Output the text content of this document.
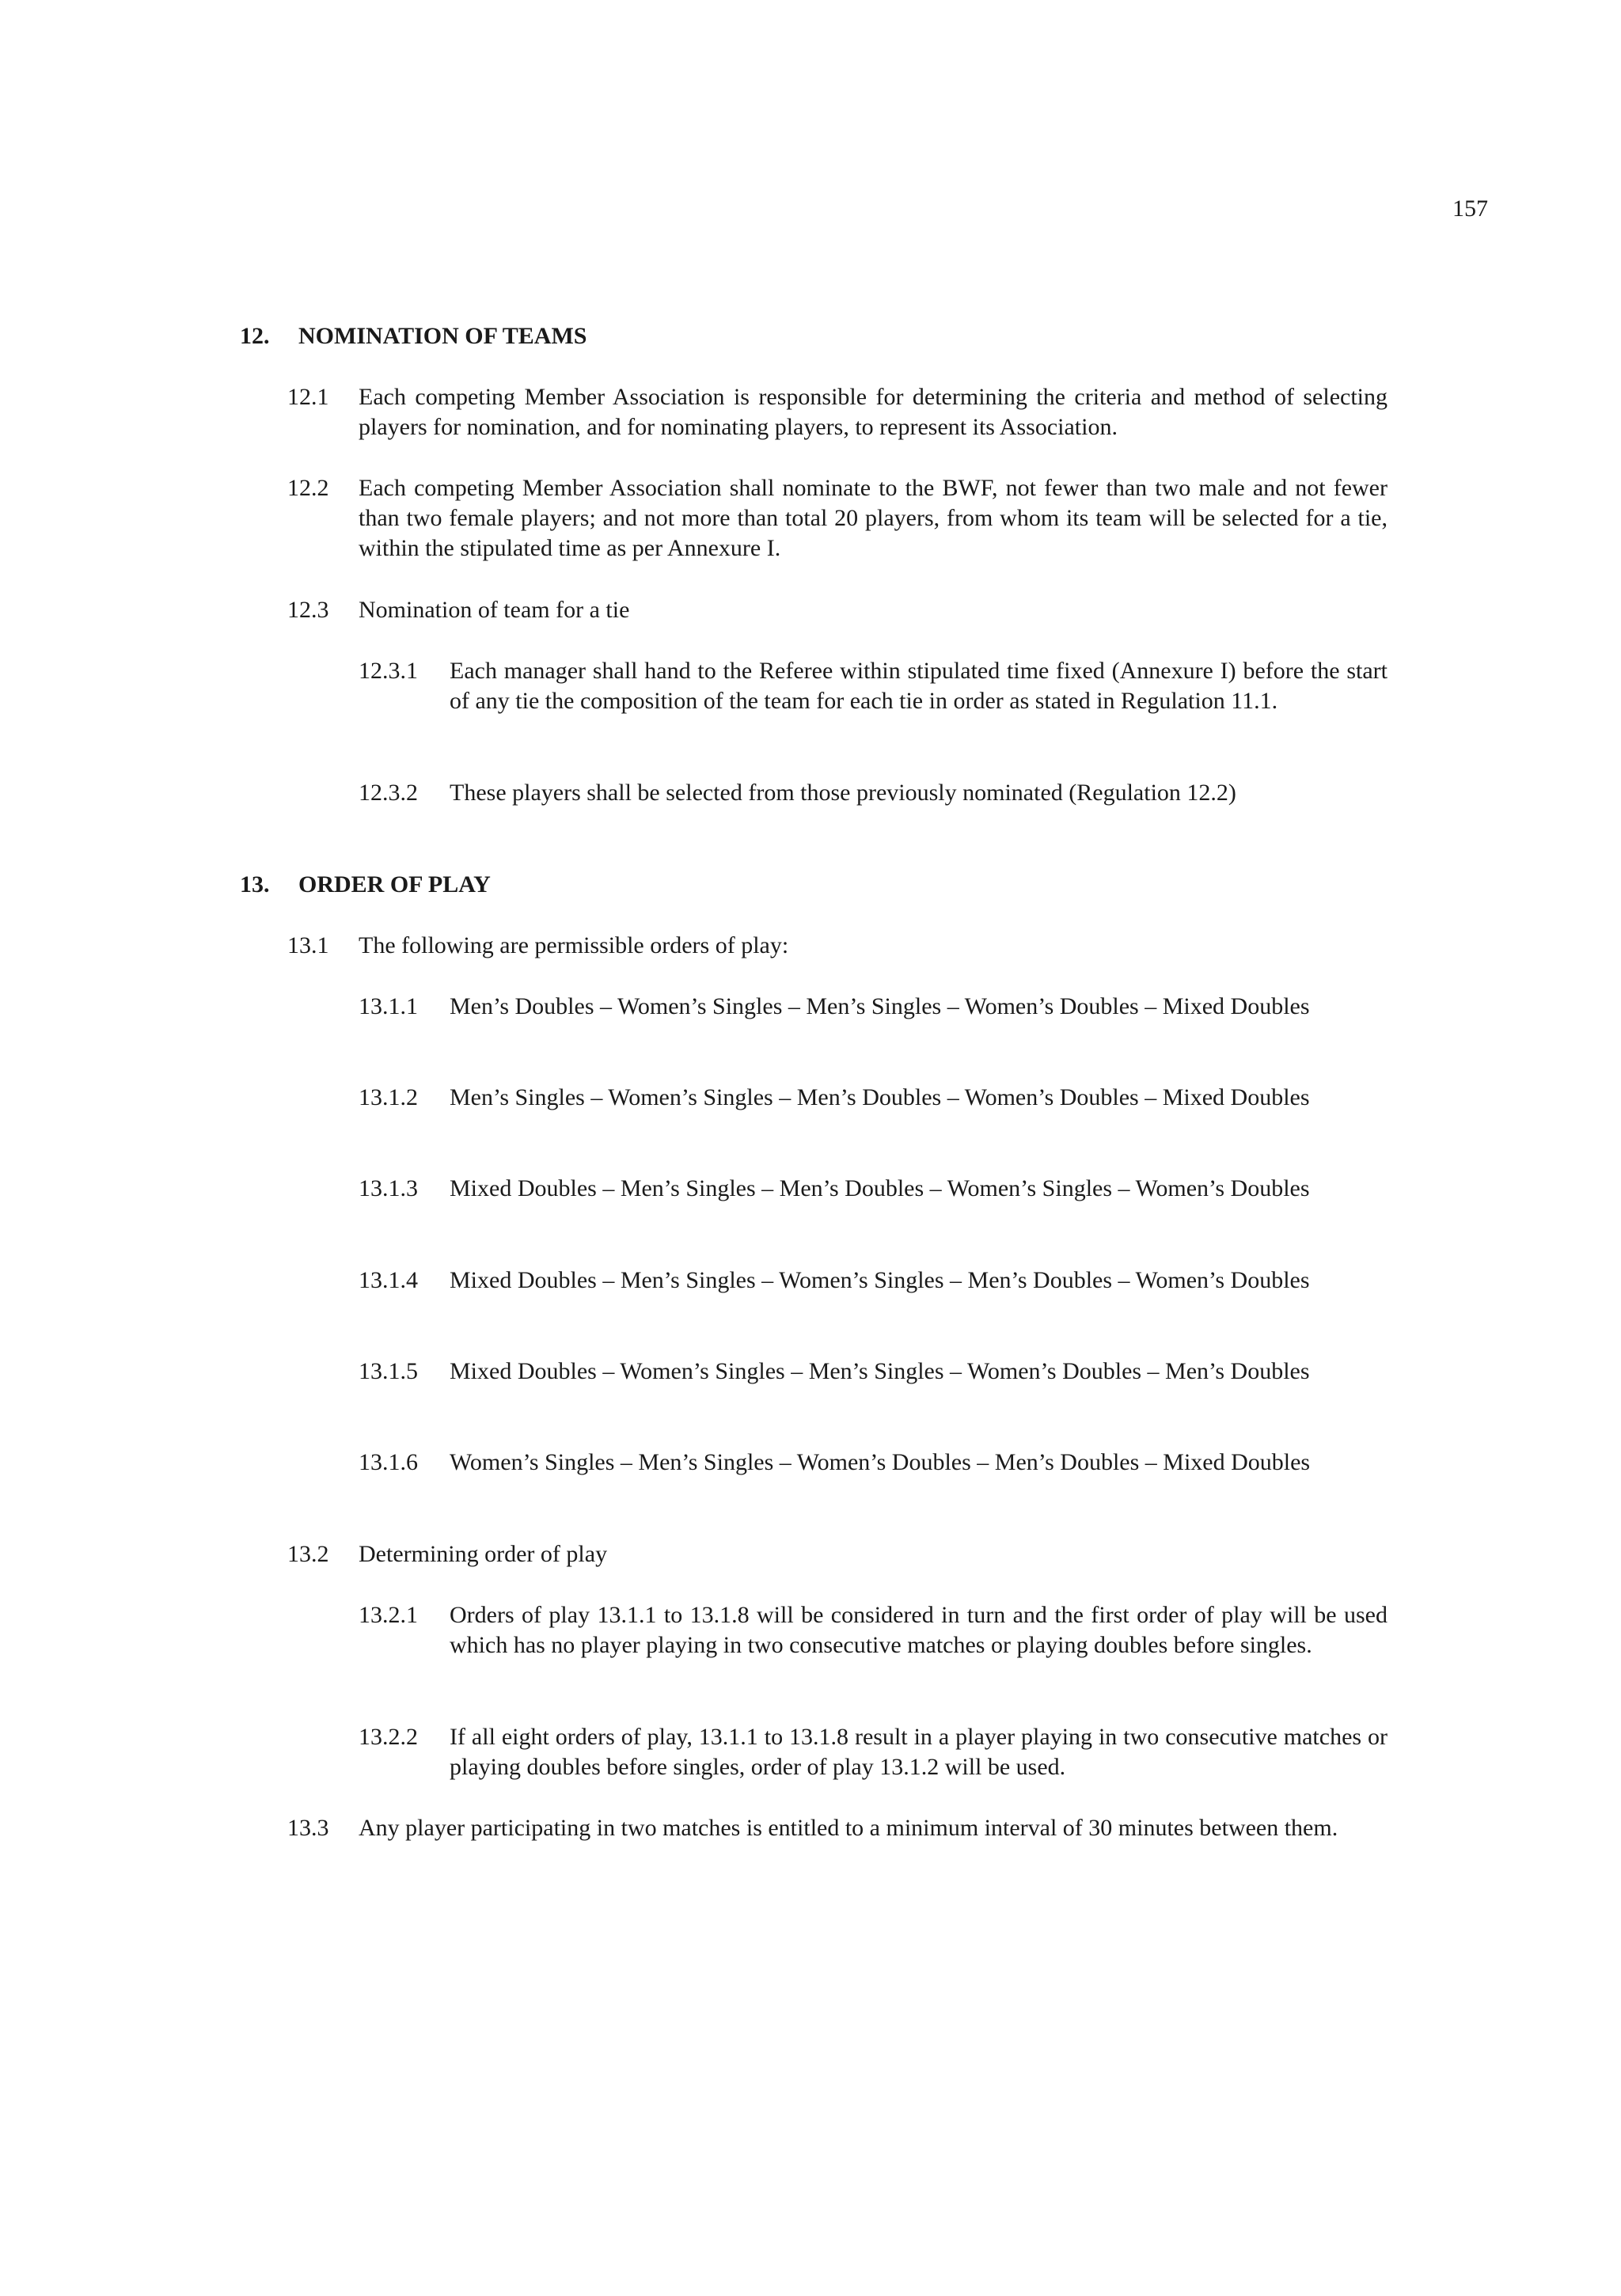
157
12. NOMINATION OF TEAMS
12.1 Each competing Member Association is responsible for determining the criteria and method of selecting players for nomination, and for nominating players, to represent its Association.
12.2 Each competing Member Association shall nominate to the BWF, not fewer than two male and not fewer than two female players; and not more than total 20 players, from whom its team will be selected for a tie, within the stipulated time as per Annexure I.
12.3 Nomination of team for a tie
12.3.1 Each manager shall hand to the Referee within stipulated time fixed (Annexure I) before the start of any tie the composition of the team for each tie in order as stated in Regulation 11.1.
12.3.2 These players shall be selected from those previously nominated (Regulation 12.2)
13. ORDER OF PLAY
13.1 The following are permissible orders of play:
13.1.1 Men’s Doubles – Women’s Singles – Men’s Singles – Women’s Doubles – Mixed Doubles
13.1.2 Men’s Singles – Women’s Singles – Men’s Doubles – Women’s Doubles – Mixed Doubles
13.1.3 Mixed Doubles – Men’s Singles – Men’s Doubles – Women’s Singles – Women’s Doubles
13.1.4 Mixed Doubles – Men’s Singles – Women’s Singles – Men’s Doubles – Women’s Doubles
13.1.5 Mixed Doubles – Women’s Singles – Men’s Singles – Women’s Doubles – Men’s Doubles
13.1.6 Women’s Singles – Men’s Singles – Women’s Doubles – Men’s Doubles – Mixed Doubles
13.2 Determining order of play
13.2.1 Orders of play 13.1.1 to 13.1.8 will be considered in turn and the first order of play will be used which has no player playing in two consecutive matches or playing doubles before singles.
13.2.2 If all eight orders of play, 13.1.1 to 13.1.8 result in a player playing in two consecutive matches or playing doubles before singles, order of play 13.1.2 will be used.
13.3 Any player participating in two matches is entitled to a minimum interval of 30 minutes between them.
